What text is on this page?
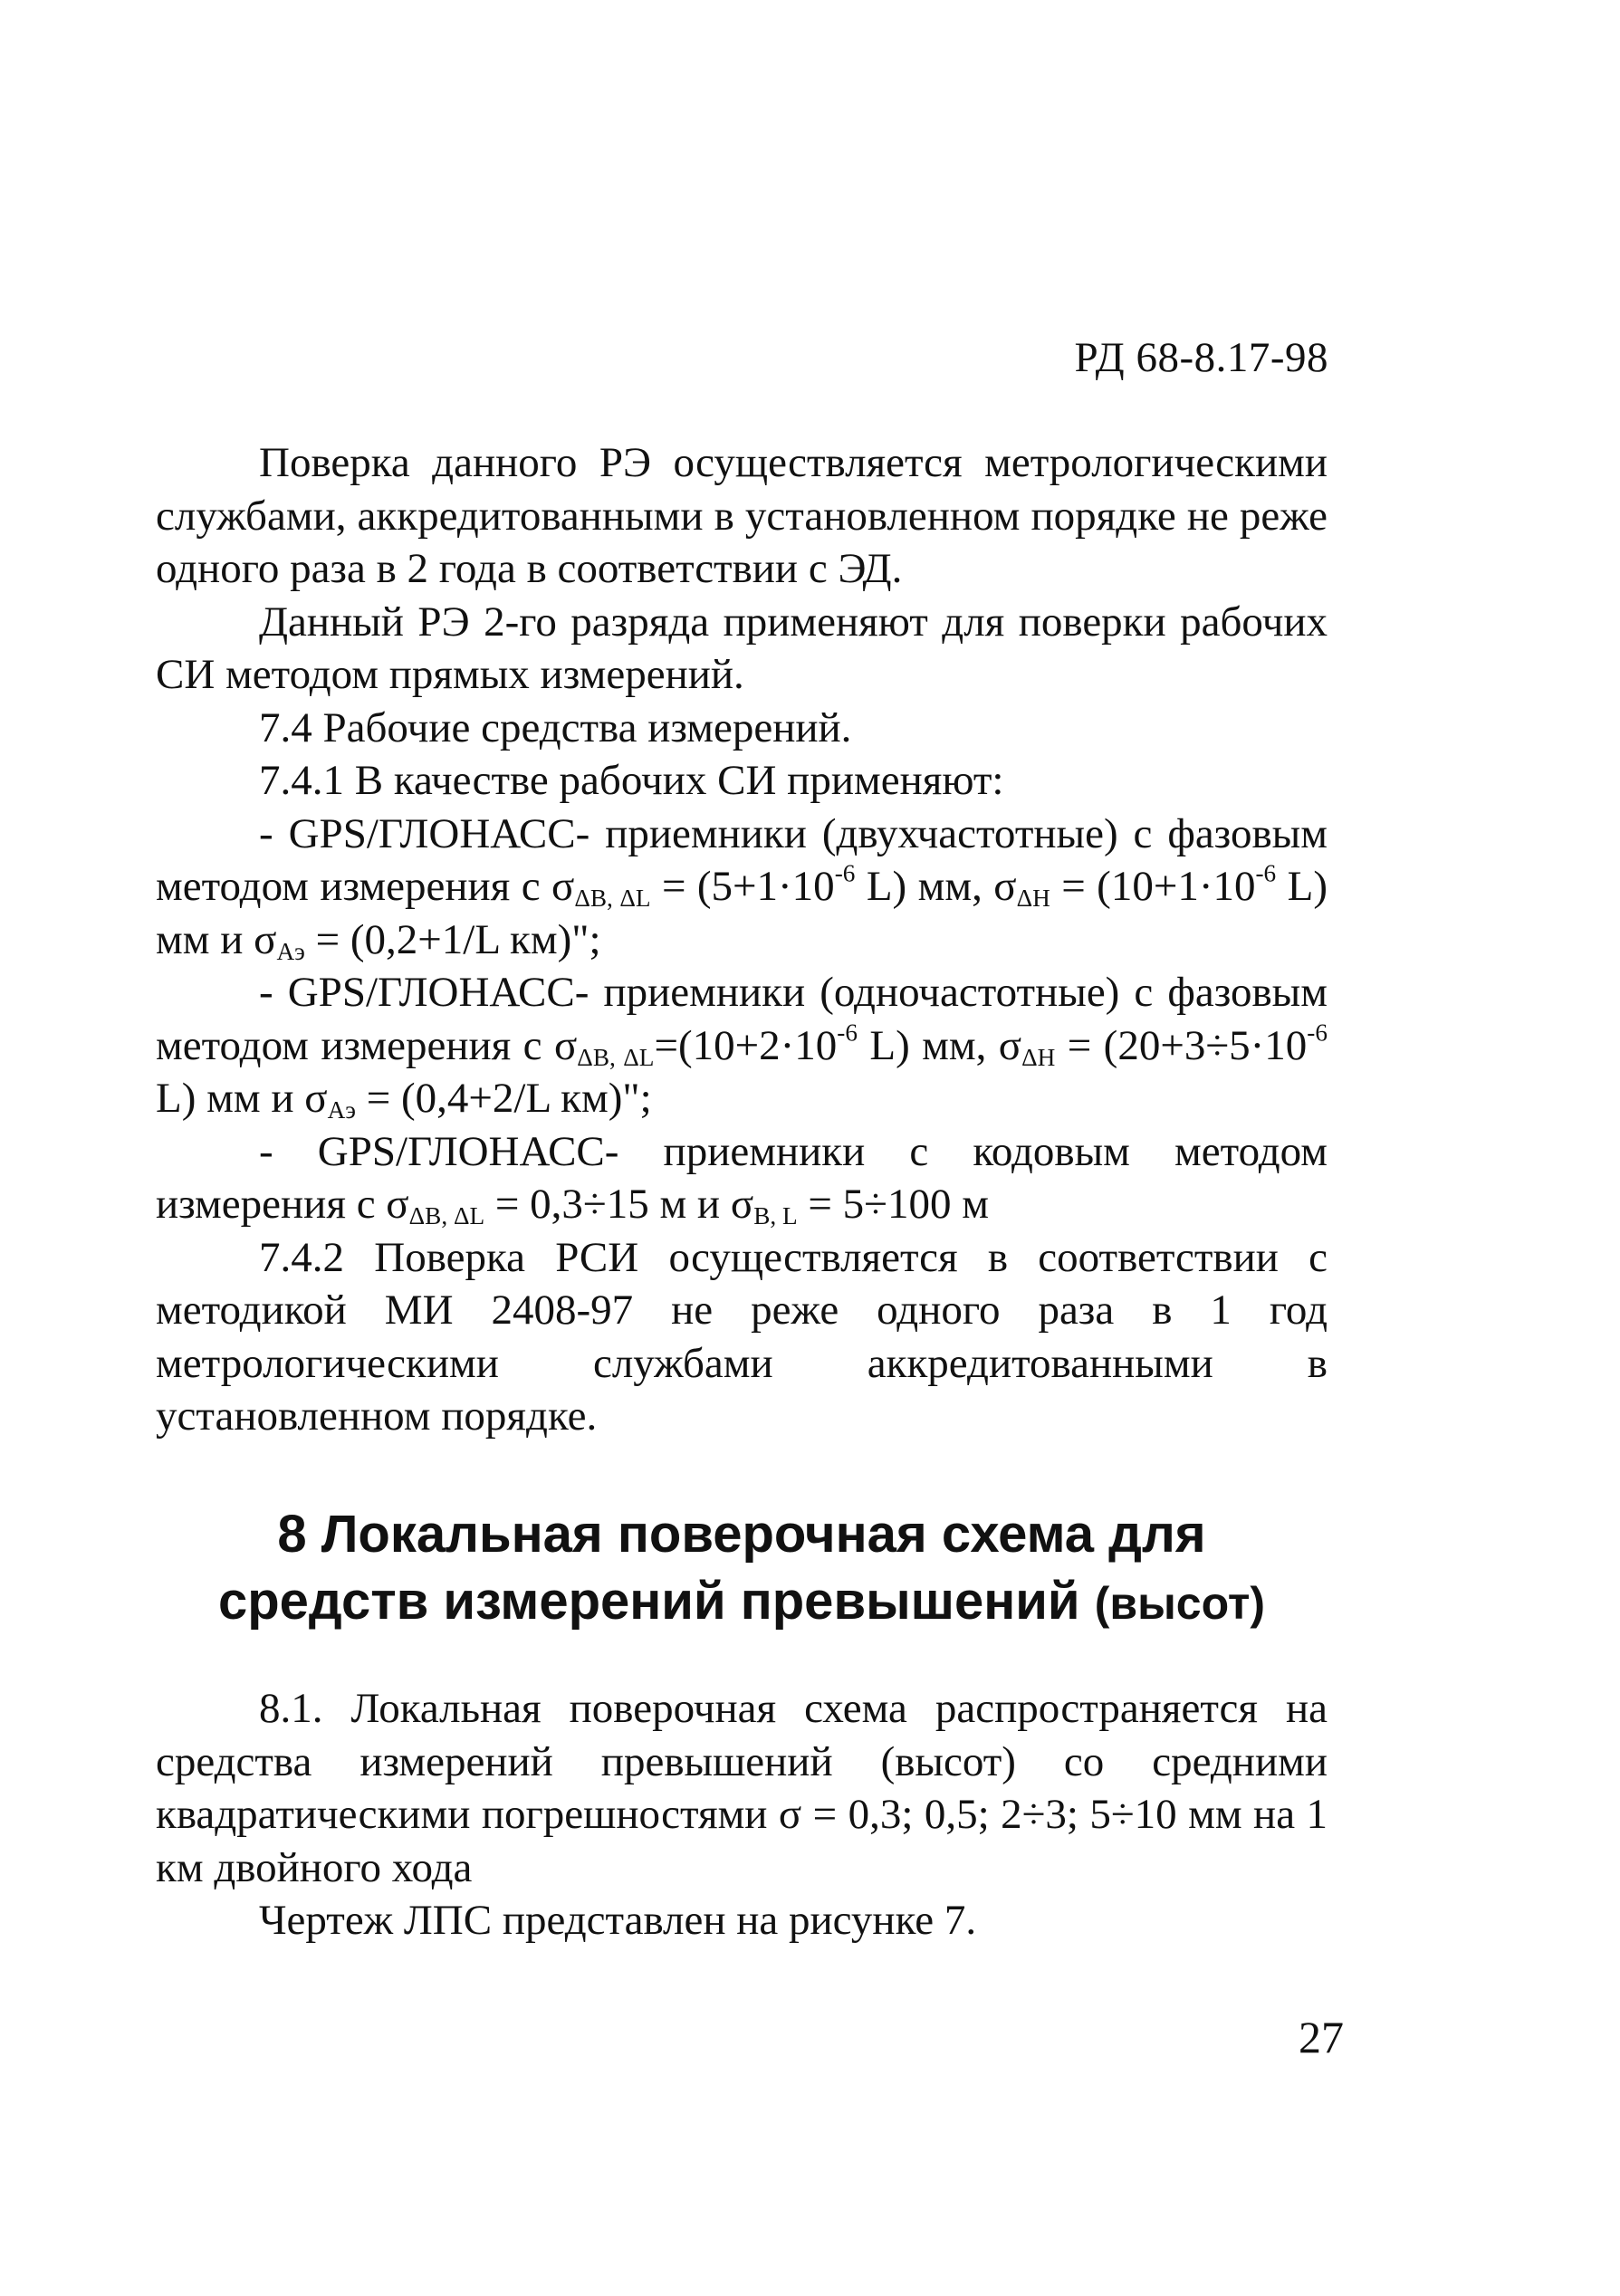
РД 68-8.17-98

Поверка данного РЭ осуществляется метрологическими службами, аккредитованными в установленном порядке не реже одного раза в 2 года в соответствии с ЭД.

Данный РЭ 2-го разряда применяют для поверки рабочих СИ методом прямых измерений.

7.4 Рабочие средства измерений.

7.4.1 В качестве рабочих СИ применяют:

- GPS/ГЛОНАСС- приемники (двухчастотные) с фазовым методом измерения с $\sigma_{\Delta В, \Delta L} = (5+1\cdot 10^{-6}$ L) мм, $\sigma_{\Delta Н} = (10+1\cdot 10^{-6}$ L) мм и $\sigma_{Аэ} = (0,2+1/L$ км)";

- GPS/ГЛОНАСС- приемники (одночастотные) с фазовым методом измерения с $\sigma_{\Delta В, \Delta L}=(10+2\cdot 10^{-6}$ L) мм, $\sigma_{\Delta Н} = (20+3\div 5\cdot 10^{-6}$ L) мм и $\sigma_{Аэ} = (0,4+2/L$ км)";

- GPS/ГЛОНАСС- приемники с кодовым методом измерения с $\sigma_{\Delta В, \Delta L} = 0,3\div 15$ м и $\sigma_{В, L} = 5\div 100$ м

7.4.2 Поверка РСИ осуществляется в соответствии с методикой МИ 2408-97 не реже одного раза в 1 год метрологическими службами аккредитованными в установленном порядке.

8 Локальная поверочная схема для
средств измерений превышений (высот)

8.1. Локальная поверочная схема распространяется на средства измерений превышений (высот) со средними квадратическими погрешностями σ = 0,3; 0,5; 2÷3; 5÷10 мм на 1 км двойного хода

Чертеж ЛПС представлен на рисунке 7.

27
